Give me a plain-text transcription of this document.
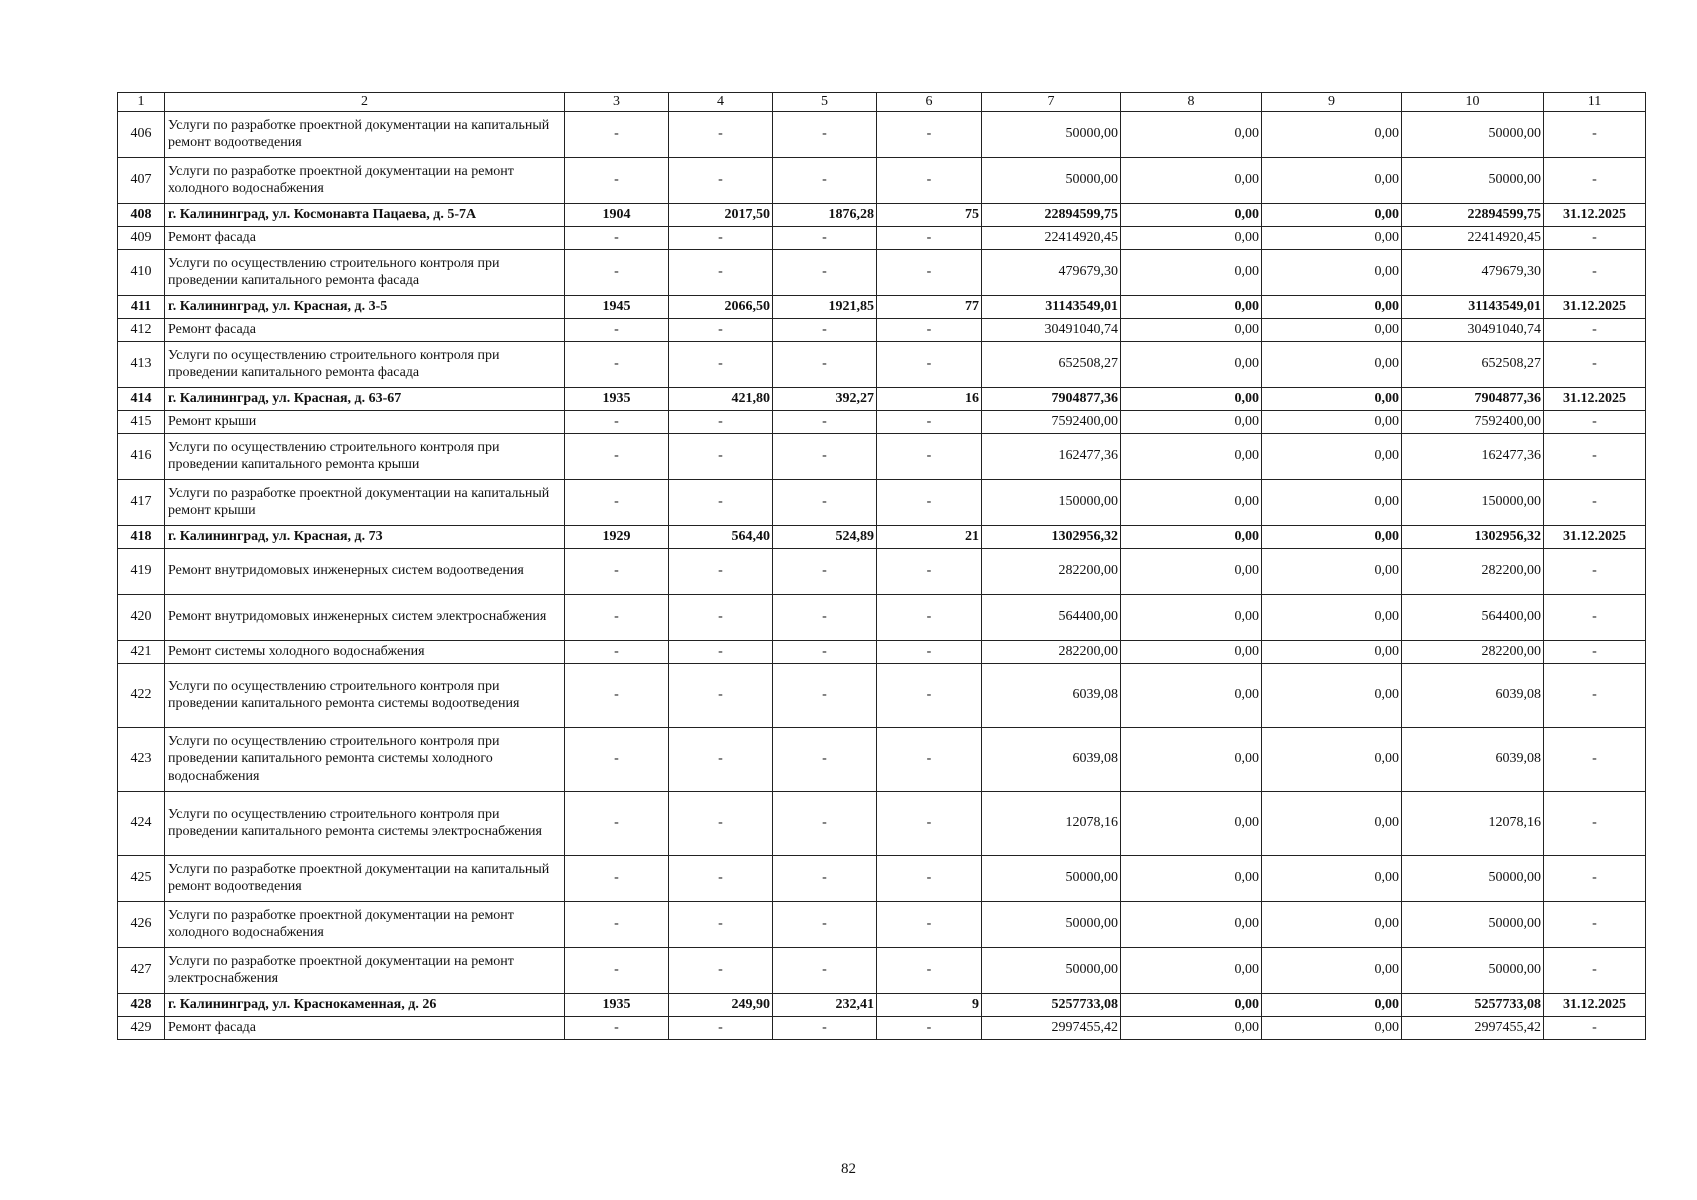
1	2	3	4	5	6	7	8	9	10	11
406	Услуги по разработке проектной документации на капитальный ремонт водоотведения	-	-	-	-	50000,00	0,00	0,00	50000,00	-
407	Услуги по разработке проектной документации на ремонт холодного водоснабжения	-	-	-	-	50000,00	0,00	0,00	50000,00	-
408	г. Калининград, ул. Космонавта Пацаева, д. 5-7А	1904	2017,50	1876,28	75	22894599,75	0,00	0,00	22894599,75	31.12.2025
409	Ремонт фасада	-	-	-	-	22414920,45	0,00	0,00	22414920,45	-
410	Услуги по осуществлению строительного контроля при проведении капитального ремонта фасада	-	-	-	-	479679,30	0,00	0,00	479679,30	-
411	г. Калининград, ул. Красная, д. 3-5	1945	2066,50	1921,85	77	31143549,01	0,00	0,00	31143549,01	31.12.2025
412	Ремонт фасада	-	-	-	-	30491040,74	0,00	0,00	30491040,74	-
413	Услуги по осуществлению строительного контроля при проведении капитального ремонта фасада	-	-	-	-	652508,27	0,00	0,00	652508,27	-
414	г. Калининград, ул. Красная, д. 63-67	1935	421,80	392,27	16	7904877,36	0,00	0,00	7904877,36	31.12.2025
415	Ремонт крыши	-	-	-	-	7592400,00	0,00	0,00	7592400,00	-
416	Услуги по осуществлению строительного контроля при проведении капитального ремонта крыши	-	-	-	-	162477,36	0,00	0,00	162477,36	-
417	Услуги по разработке проектной документации на капитальный ремонт крыши	-	-	-	-	150000,00	0,00	0,00	150000,00	-
418	г. Калининград, ул. Красная, д. 73	1929	564,40	524,89	21	1302956,32	0,00	0,00	1302956,32	31.12.2025
419	Ремонт внутридомовых инженерных систем водоотведения	-	-	-	-	282200,00	0,00	0,00	282200,00	-
420	Ремонт внутридомовых инженерных систем электроснабжения	-	-	-	-	564400,00	0,00	0,00	564400,00	-
421	Ремонт системы холодного водоснабжения	-	-	-	-	282200,00	0,00	0,00	282200,00	-
422	Услуги по осуществлению строительного контроля при проведении капитального ремонта системы водоотведения	-	-	-	-	6039,08	0,00	0,00	6039,08	-
423	Услуги по осуществлению строительного контроля при проведении капитального ремонта системы холодного водоснабжения	-	-	-	-	6039,08	0,00	0,00	6039,08	-
424	Услуги по осуществлению строительного контроля при проведении капитального ремонта системы электроснабжения	-	-	-	-	12078,16	0,00	0,00	12078,16	-
425	Услуги по разработке проектной документации на капитальный ремонт водоотведения	-	-	-	-	50000,00	0,00	0,00	50000,00	-
426	Услуги по разработке проектной документации на ремонт холодного водоснабжения	-	-	-	-	50000,00	0,00	0,00	50000,00	-
427	Услуги по разработке проектной документации на ремонт электроснабжения	-	-	-	-	50000,00	0,00	0,00	50000,00	-
428	г. Калининград, ул. Краснокаменная, д. 26	1935	249,90	232,41	9	5257733,08	0,00	0,00	5257733,08	31.12.2025
429	Ремонт фасада	-	-	-	-	2997455,42	0,00	0,00	2997455,42	-
82
